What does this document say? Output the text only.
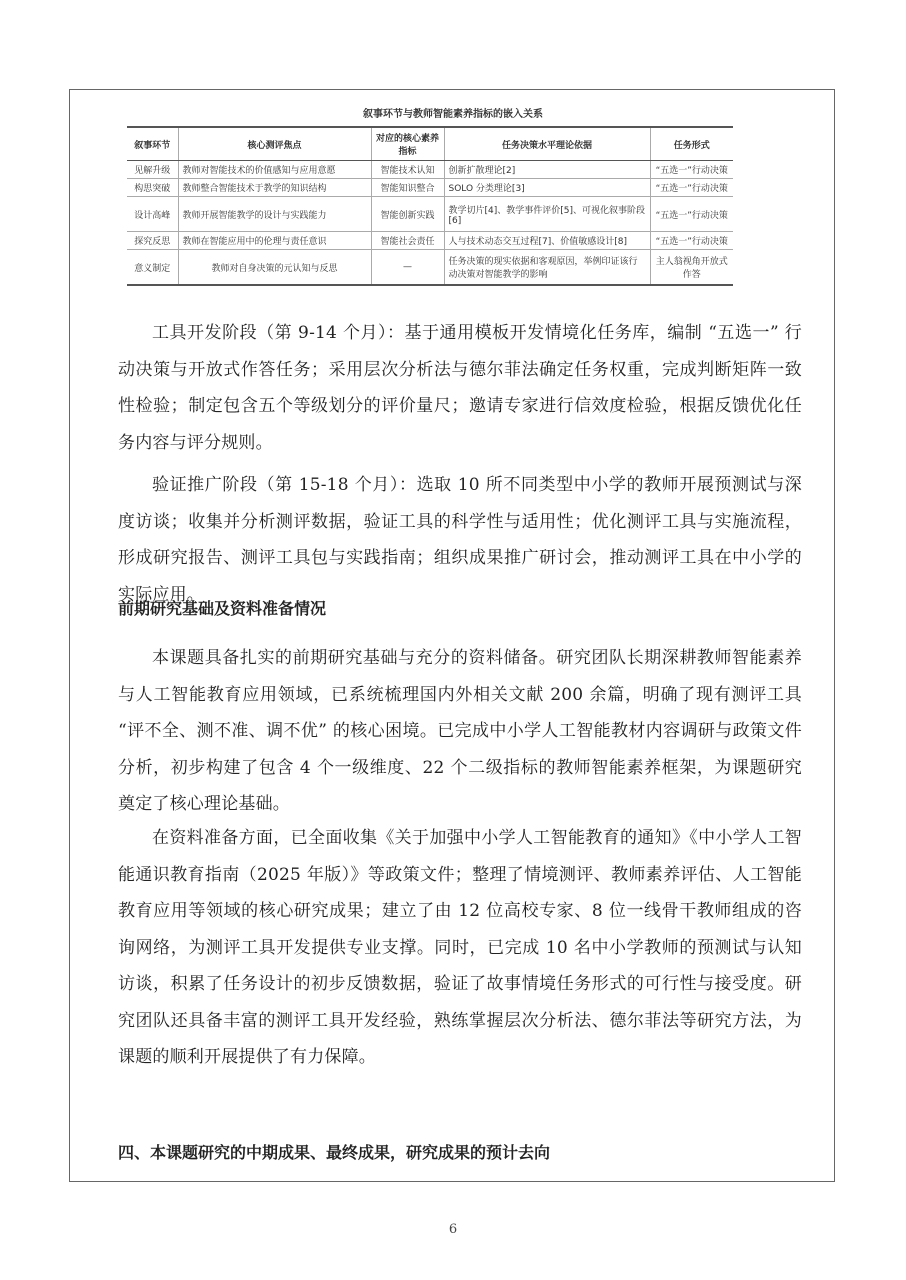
叙事环节与教师智能素养指标的嵌入关系
叙事环节	核心测评焦点	对应的核心素养指标	任务决策水平理论依据	任务形式
见解升级	教师对智能技术的价值感知与应用意愿	智能技术认知	创新扩散理论[2]	“五选一”行动决策
构思突破	教师整合智能技术于教学的知识结构	智能知识整合	SOLO 分类理论[3]	“五选一”行动决策
设计高峰	教师开展智能教学的设计与实践能力	智能创新实践	教学切片[4]、教学事件评价[5]、可视化叙事阶段[6]	“五选一”行动决策
探究反思	教师在智能应用中的伦理与责任意识	智能社会责任	人与技术动态交互过程[7]、价值敏感设计[8]	“五选一”行动决策
意义制定	教师对自身决策的元认知与反思	—	任务决策的现实依据和客观原因，举例印证该行动决策对智能教学的影响	主人翁视角开放式作答
工具开发阶段（第 9-14 个月）：基于通用模板开发情境化任务库，编制 “五选一” 行动决策与开放式作答任务；采用层次分析法与德尔菲法确定任务权重，完成判断矩阵一致性检验；制定包含五个等级划分的评价量尺；邀请专家进行信效度检验，根据反馈优化任务内容与评分规则。
验证推广阶段（第 15-18 个月）：选取 10 所不同类型中小学的教师开展预测试与深度访谈；收集并分析测评数据，验证工具的科学性与适用性；优化测评工具与实施流程，形成研究报告、测评工具包与实践指南；组织成果推广研讨会，推动测评工具在中小学的实际应用。
前期研究基础及资料准备情况
本课题具备扎实的前期研究基础与充分的资料储备。研究团队长期深耕教师智能素养与人工智能教育应用领域，已系统梳理国内外相关文献 200 余篇，明确了现有测评工具 “评不全、测不准、调不优” 的核心困境。已完成中小学人工智能教材内容调研与政策文件分析，初步构建了包含 4 个一级维度、22 个二级指标的教师智能素养框架，为课题研究奠定了核心理论基础。
在资料准备方面，已全面收集《关于加强中小学人工智能教育的通知》《中小学人工智能通识教育指南（2025 年版）》等政策文件；整理了情境测评、教师素养评估、人工智能教育应用等领域的核心研究成果；建立了由 12 位高校专家、8 位一线骨干教师组成的咨询网络，为测评工具开发提供专业支撑。同时，已完成 10 名中小学教师的预测试与认知访谈，积累了任务设计的初步反馈数据，验证了故事情境任务形式的可行性与接受度。研究团队还具备丰富的测评工具开发经验，熟练掌握层次分析法、德尔菲法等研究方法，为课题的顺利开展提供了有力保障。
四、本课题研究的中期成果、最终成果，研究成果的预计去向
6
